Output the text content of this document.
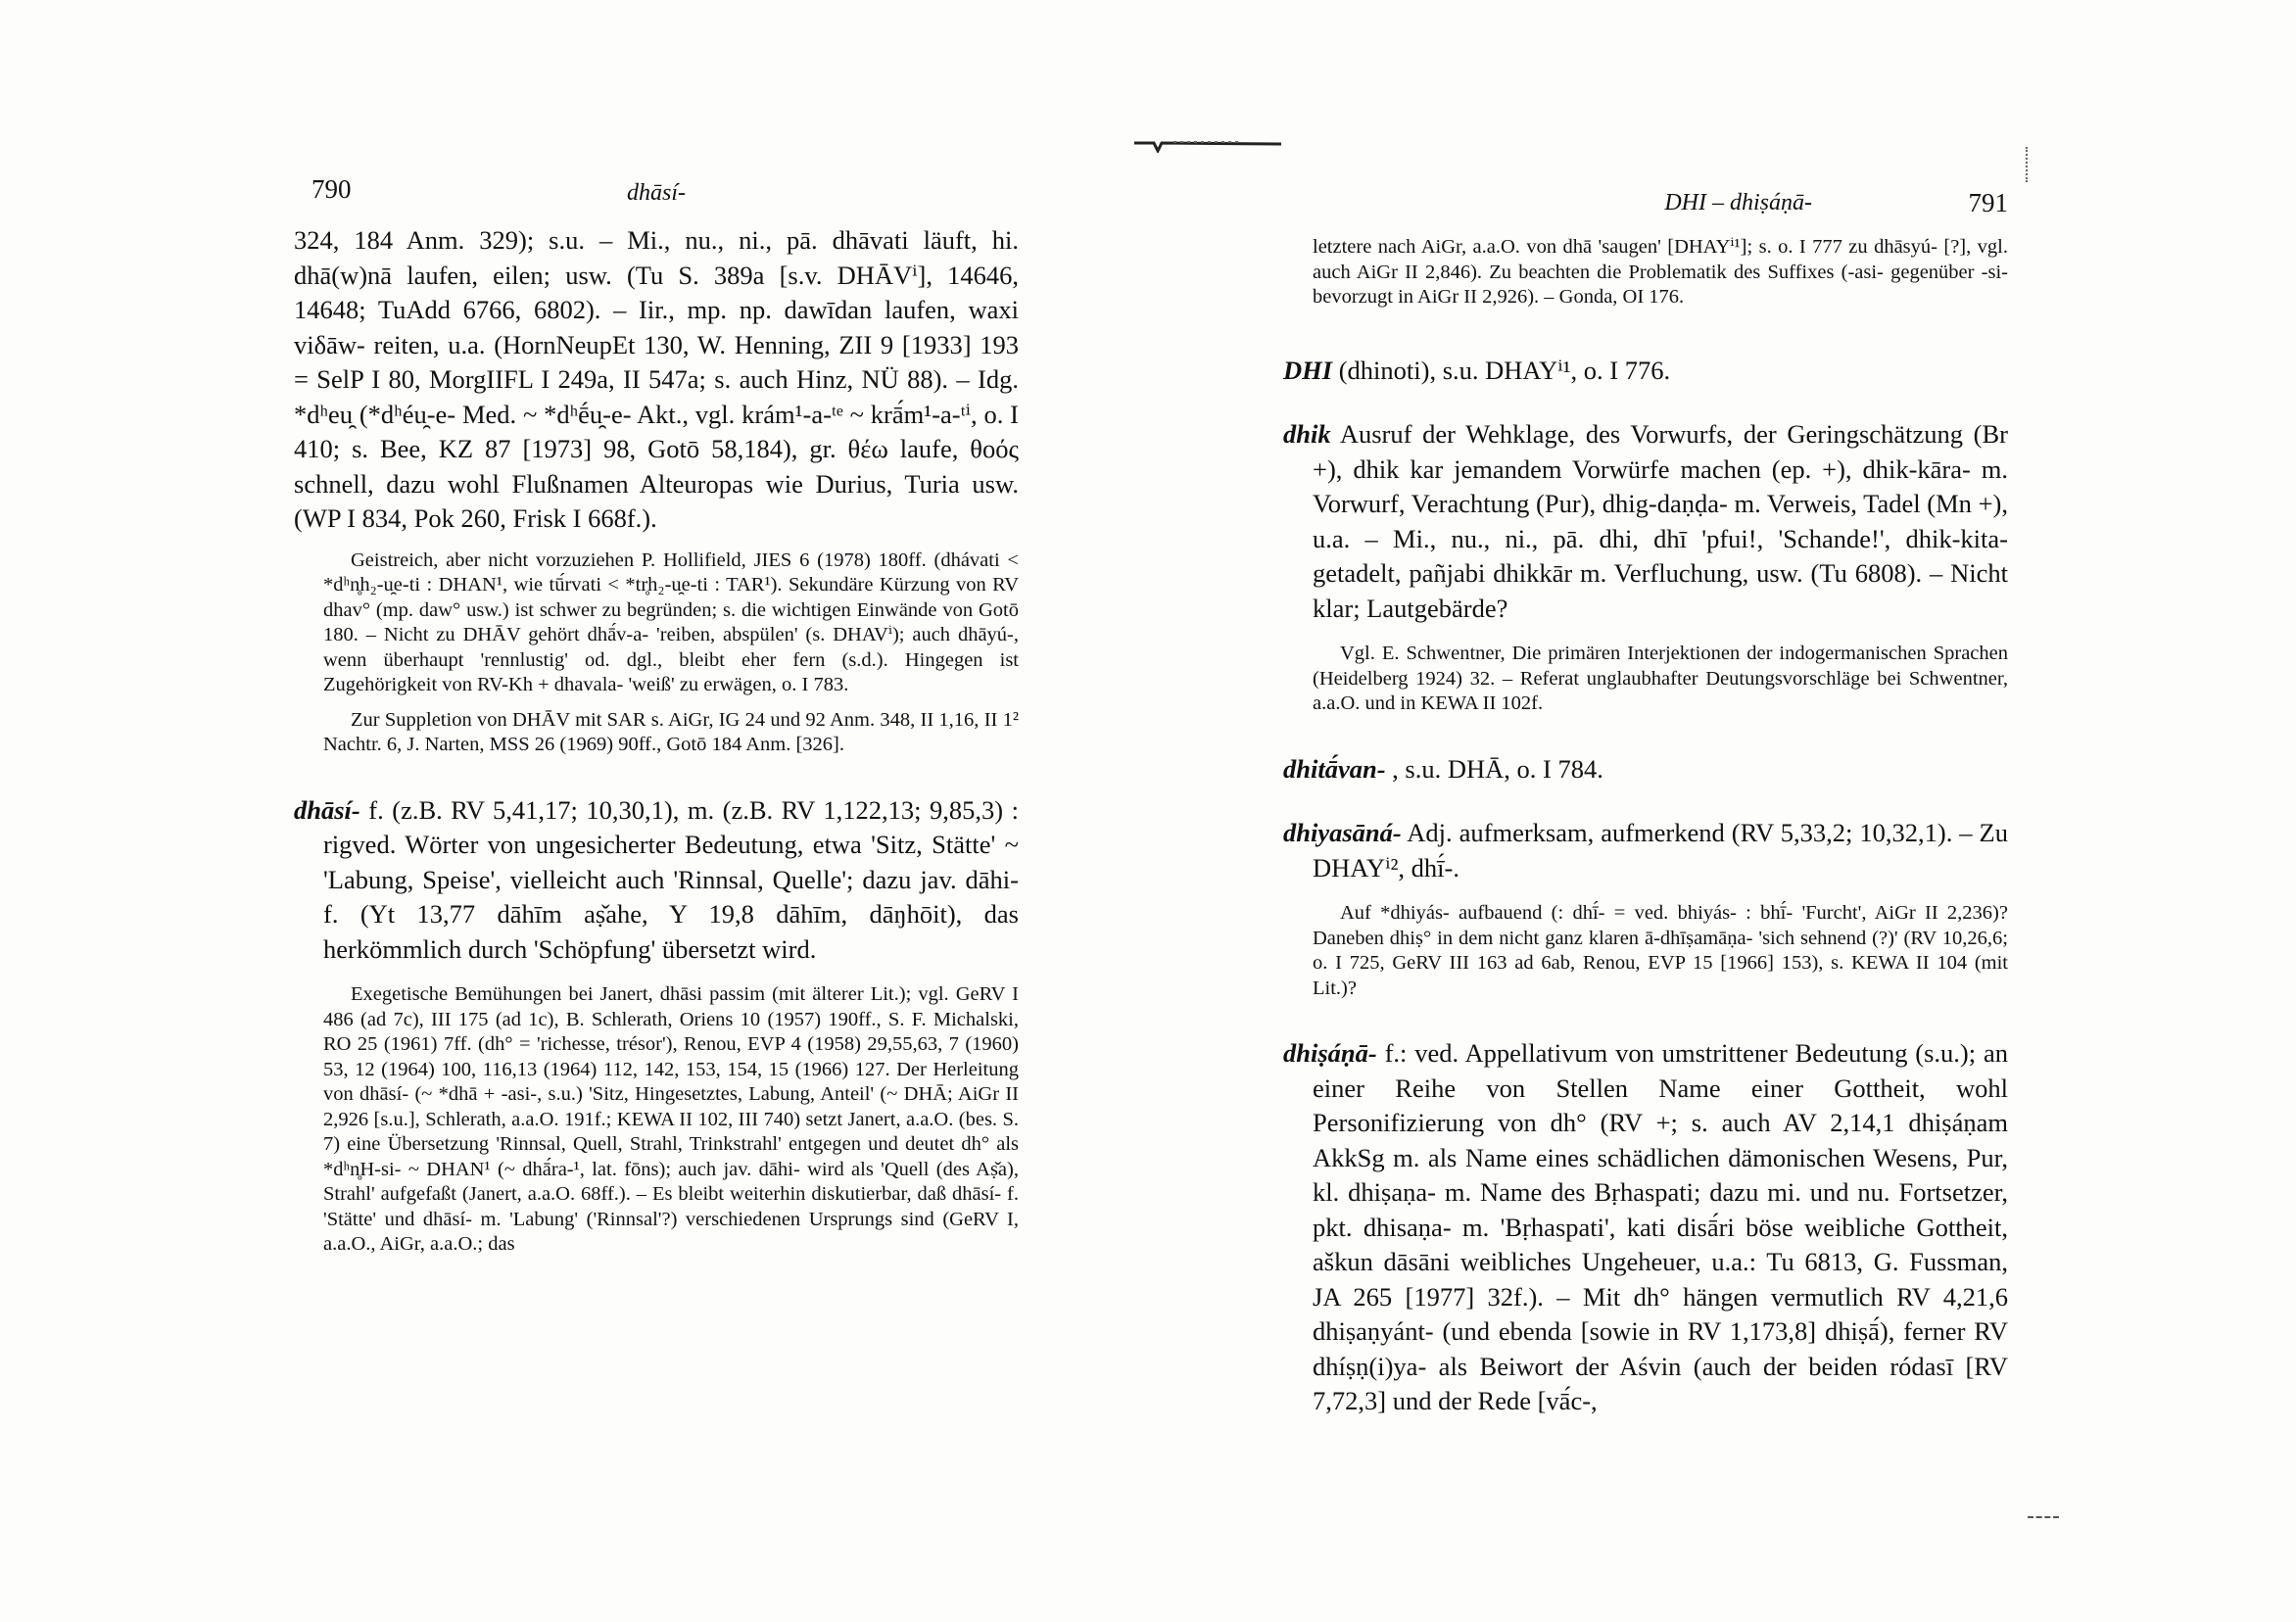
790	dhāsí-

324, 184 Anm. 329); s.u. – Mi., nu., ni., pā. dhāvati läuft, hi. dhā(w)nā laufen, eilen; usw. (Tu S. 389a [s.v. DHĀVⁱ], 14646, 14648; TuAdd 6766, 6802). – Iir., mp. np. dawīdan laufen, waxi viδāw- reiten, u.a. (HornNeupEt 130, W. Henning, ZII 9 [1933] 193 = SelP I 80, MorgIIFL I 249a, II 547a; s. auch Hinz, NÜ 88). – Idg. *dʰeu̯ (*dʰéu̯-e- Med. ~ *dʰḗu̯-e- Akt., vgl. krám¹-a-ᵗᵉ ~ krā́m¹-a-ᵗⁱ, o. I 410; s. Bee, KZ 87 [1973] 98, Gotō 58,184), gr. θέω laufe, θοός schnell, dazu wohl Flußnamen Alteuropas wie Durius, Turia usw. (WP I 834, Pok 260, Frisk I 668f.).

Geistreich, aber nicht vorzuziehen P. Hollifield, JIES 6 (1978) 180ff. (dhávati < *dʰn̥h₂-u̯e-ti : DHAN¹, wie tū́rvati < *tr̥h₂-u̯e-ti : TAR¹). Sekundäre Kürzung von RV dhav° (mp. daw° usw.) ist schwer zu begründen; s. die wichtigen Einwände von Gotō 180. – Nicht zu DHĀV gehört dhā́v-a- 'reiben, abspülen' (s. DHAVⁱ); auch dhāyú-, wenn überhaupt 'rennlustig' od. dgl., bleibt eher fern (s.d.). Hingegen ist Zugehörigkeit von RV-Kh + dhavala- 'weiß' zu erwägen, o. I 783.

Zur Suppletion von DHĀV mit SAR s. AiGr, IG 24 und 92 Anm. 348, II 1,16, II 1² Nachtr. 6, J. Narten, MSS 26 (1969) 90ff., Gotō 184 Anm. [326].

dhāsí- f. (z.B. RV 5,41,17; 10,30,1), m. (z.B. RV 1,122,13; 9,85,3) : rigved. Wörter von ungesicherter Bedeutung, etwa 'Sitz, Stätte' ~ 'Labung, Speise', vielleicht auch 'Rinnsal, Quelle'; dazu jav. dāhi- f. (Yt 13,77 dāhīm aṣ̌ahe, Y 19,8 dāhīm, dāŋhōit), das herkömmlich durch 'Schöpfung' übersetzt wird.

Exegetische Bemühungen bei Janert, dhāsi passim (mit älterer Lit.); vgl. GeRV I 486 (ad 7c), III 175 (ad 1c), B. Schlerath, Oriens 10 (1957) 190ff., S. F. Michalski, RO 25 (1961) 7ff. (dh° = 'richesse, trésor'), Renou, EVP 4 (1958) 29,55,63, 7 (1960) 53, 12 (1964) 100, 116,13 (1964) 112, 142, 153, 154, 15 (1966) 127. Der Herleitung von dhāsí- (~ *dhā + -asi-, s.u.) 'Sitz, Hingesetztes, Labung, Anteil' (~ DHĀ; AiGr II 2,926 [s.u.], Schlerath, a.a.O. 191f.; KEWA II 102, III 740) setzt Janert, a.a.O. (bes. S. 7) eine Übersetzung 'Rinnsal, Quell, Strahl, Trinkstrahl' entgegen und deutet dh° als *dʰn̥H-si- ~ DHAN¹ (~ dhā́ra-¹, lat. fōns); auch jav. dāhi- wird als 'Quell (des Aṣ̌a), Strahl' aufgefaßt (Janert, a.a.O. 68ff.). – Es bleibt weiterhin diskutierbar, daß dhāsí- f. 'Stätte' und dhāsí- m. 'Labung' ('Rinnsal'?) verschiedenen Ursprungs sind (GeRV I, a.a.O., AiGr, a.a.O.; das

DHI – dhiṣáṇā-	791

letztere nach AiGr, a.a.O. von dhā 'saugen' [DHAYⁱ¹]; s. o. I 777 zu dhāsyú- [?], vgl. auch AiGr II 2,846). Zu beachten die Problematik des Suffixes (-asi- gegenüber -si- bevorzugt in AiGr II 2,926). – Gonda, OI 176.

DHI (dhinoti), s.u. DHAYⁱ¹, o. I 776.

dhik Ausruf der Wehklage, des Vorwurfs, der Geringschätzung (Br +), dhik kar jemandem Vorwürfe machen (ep. +), dhik-kāra- m. Vorwurf, Verachtung (Pur), dhig-daṇḍa- m. Verweis, Tadel (Mn +), u.a. – Mi., nu., ni., pā. dhi, dhī 'pfui!, 'Schande!', dhik-kita- getadelt, pañjabi dhikkār m. Verfluchung, usw. (Tu 6808). – Nicht klar; Lautgebärde?

Vgl. E. Schwentner, Die primären Interjektionen der indogermanischen Sprachen (Heidelberg 1924) 32. – Referat unglaubhafter Deutungsvorschläge bei Schwentner, a.a.O. und in KEWA II 102f.

dhitā́van- , s.u. DHĀ, o. I 784.

dhiyasāná- Adj. aufmerksam, aufmerkend (RV 5,33,2; 10,32,1). – Zu DHAYⁱ², dhī́-.

Auf *dhiyás- aufbauend (: dhī́- = ved. bhiyás- : bhī́- 'Furcht', AiGr II 2,236)? Daneben dhiṣ° in dem nicht ganz klaren ā-dhīṣamāṇa- 'sich sehnend (?)' (RV 10,26,6; o. I 725, GeRV III 163 ad 6ab, Renou, EVP 15 [1966] 153), s. KEWA II 104 (mit Lit.)?

dhiṣáṇā- f.: ved. Appellativum von umstrittener Bedeutung (s.u.); an einer Reihe von Stellen Name einer Gottheit, wohl Personifizierung von dh° (RV +; s. auch AV 2,14,1 dhiṣáṇam AkkSg m. als Name eines schädlichen dämonischen Wesens, Pur, kl. dhiṣaṇa- m. Name des Bṛhaspati; dazu mi. und nu. Fortsetzer, pkt. dhisaṇa- m. 'Bṛhaspati', kati disā́ri böse weibliche Gottheit, aškun dāsāni weibliches Ungeheuer, u.a.: Tu 6813, G. Fussman, JA 265 [1977] 32f.). – Mit dh° hängen vermutlich RV 4,21,6 dhiṣaṇyánt- (und ebenda [sowie in RV 1,173,8] dhiṣā́), ferner RV dhíṣṇ(i)ya- als Beiwort der Aśvin (auch der beiden ródasī [RV 7,72,3] und der Rede [vā́c-,
